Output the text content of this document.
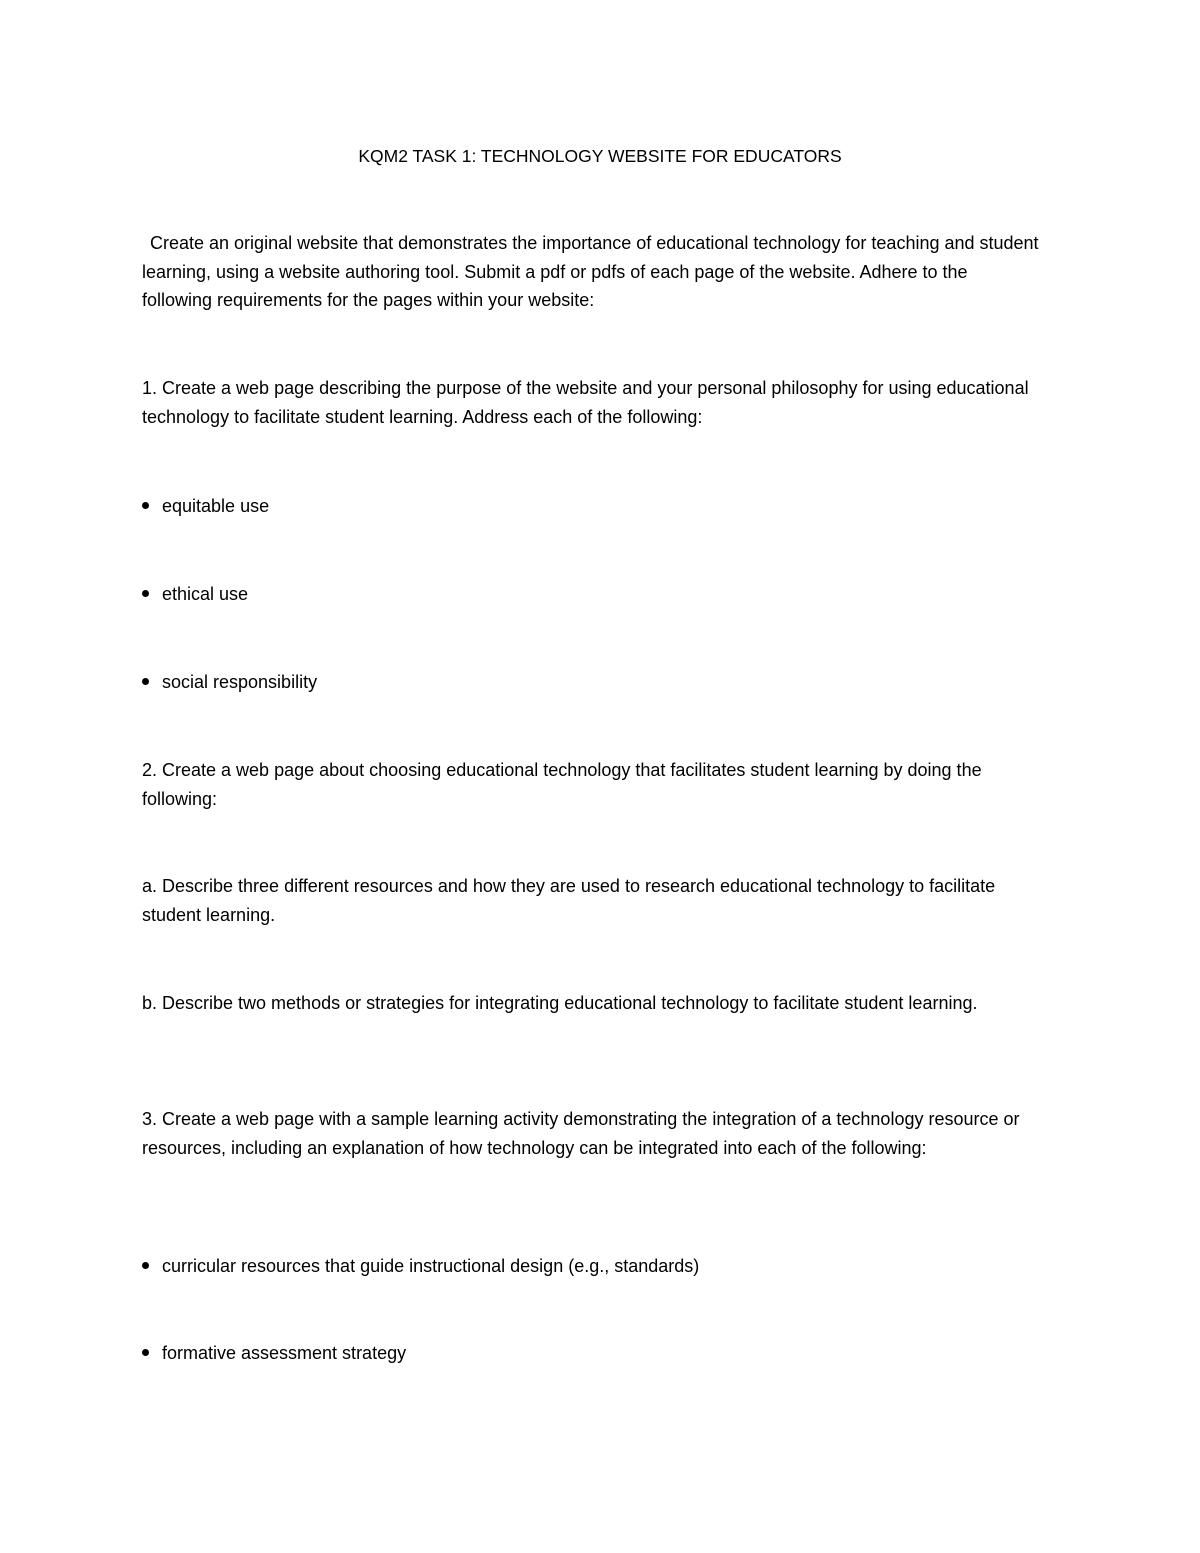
KQM2 TASK 1: TECHNOLOGY WEBSITE FOR EDUCATORS

Create an original website that demonstrates the importance of educational technology for teaching and student learning, using a website authoring tool. Submit a pdf or pdfs of each page of the website. Adhere to the following requirements for the pages within your website:

1. Create a web page describing the purpose of the website and your personal philosophy for using educational technology to facilitate student learning. Address each of the following:

equitable use
ethical use
social responsibility

2. Create a web page about choosing educational technology that facilitates student learning by doing the following:

a. Describe three different resources and how they are used to research educational technology to facilitate student learning.

b. Describe two methods or strategies for integrating educational technology to facilitate student learning.

3. Create a web page with a sample learning activity demonstrating the integration of a technology resource or resources, including an explanation of how technology can be integrated into each of the following:

curricular resources that guide instructional design (e.g., standards)
formative assessment strategy
